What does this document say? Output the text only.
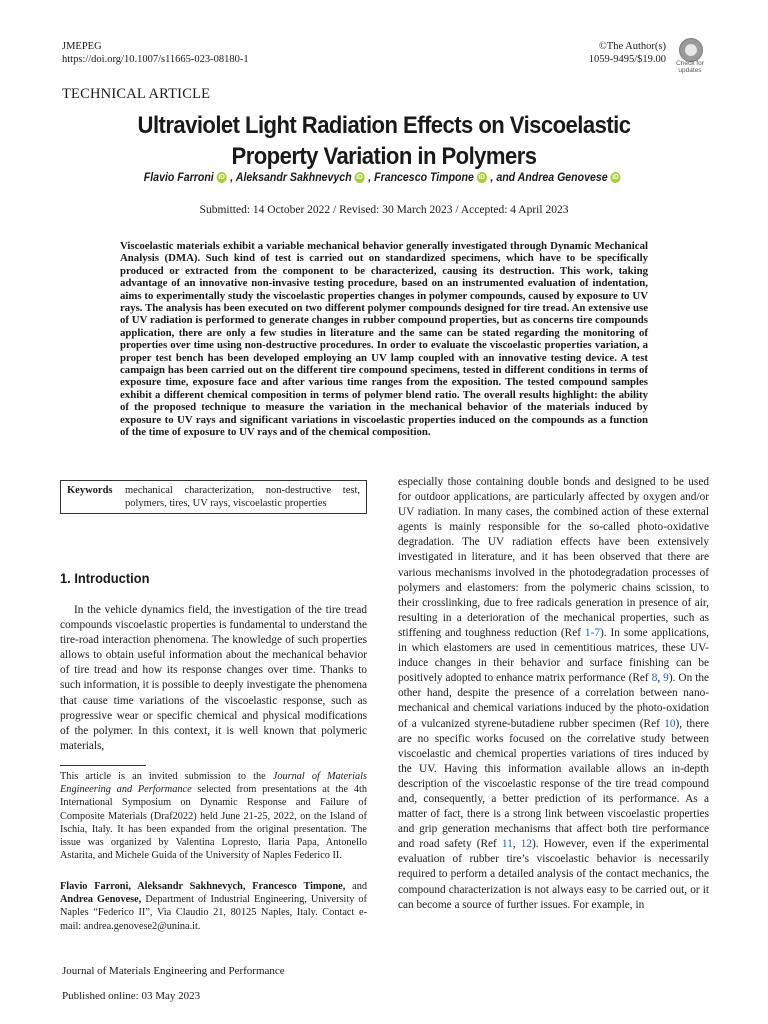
JMEPEG
https://doi.org/10.1007/s11665-023-08180-1
©The Author(s)
1059-9495/$19.00	Check for
updates
TECHNICAL ARTICLE
Ultraviolet Light Radiation Effects on Viscoelastic
Property Variation in Polymers
Flavio Farroni iD , Aleksandr Sakhnevych iD , Francesco Timpone iD , and Andrea Genovese iD
Submitted: 14 October 2022 / Revised: 30 March 2023 / Accepted: 4 April 2023
Viscoelastic materials exhibit a variable mechanical behavior generally investigated through Dynamic Mechanical Analysis (DMA). Such kind of test is carried out on standardized specimens, which have to be specifically produced or extracted from the component to be characterized, causing its destruction. This work, taking advantage of an innovative non-invasive testing procedure, based on an instrumented evaluation of indentation, aims to experimentally study the viscoelastic properties changes in polymer compounds, caused by exposure to UV rays. The analysis has been executed on two different polymer compounds designed for tire tread. An extensive use of UV radiation is performed to generate changes in rubber compound properties, but as concerns tire compounds application, there are only a few studies in literature and the same can be stated regarding the monitoring of properties over time using non-destructive procedures. In order to evaluate the viscoelastic properties variation, a proper test bench has been developed employing an UV lamp coupled with an innovative testing device. A test campaign has been carried out on the different tire compound specimens, tested in different conditions in terms of exposure time, exposure face and after various time ranges from the exposition. The tested compound samples exhibit a different chemical composition in terms of polymer blend ratio. The overall results highlight: the ability of the proposed technique to measure the variation in the mechanical behavior of the materials induced by exposure to UV rays and significant variations in viscoelastic properties induced on the compounds as a function of the time of exposure to UV rays and of the chemical composition.
Keywords	mechanical characterization, non-destructive test, polymers, tires, UV rays, viscoelastic properties
1. Introduction

In the vehicle dynamics field, the investigation of the tire tread compounds viscoelastic properties is fundamental to understand the tire-road interaction phenomena. The knowledge of such properties allows to obtain useful information about the mechanical behavior of tire tread and how its response changes over time. Thanks to such information, it is possible to deeply investigate the phenomena that cause time variations of the viscoelastic response, such as progressive wear or specific chemical and physical modifications of the polymer. In this context, it is well known that polymeric materials,

This article is an invited submission to the Journal of Materials Engineering and Performance selected from presentations at the 4th International Symposium on Dynamic Response and Failure of Composite Materials (Draf2022) held June 21-25, 2022, on the Island of Ischia, Italy. It has been expanded from the original presentation. The issue was organized by Valentina Lopresto, Ilaria Papa, Antonello Astarita, and Michele Guida of the University of Naples Federico II.
Flavio Farroni, Aleksandr Sakhnevych, Francesco Timpone, and Andrea Genovese, Department of Industrial Engineering, University of Naples “Federico II”, Via Claudio 21, 80125 Naples, Italy. Contact e-mail: andrea.genovese2@unina.it.

especially those containing double bonds and designed to be used for outdoor applications, are particularly affected by oxygen and/or UV radiation. In many cases, the combined action of these external agents is mainly responsible for the so-called photo-oxidative degradation. The UV radiation effects have been extensively investigated in literature, and it has been observed that there are various mechanisms involved in the photodegradation processes of polymers and elastomers: from the polymeric chains scission, to their crosslinking, due to free radicals generation in presence of air, resulting in a deterioration of the mechanical properties, such as stiffening and toughness reduction (Ref 1-7). In some applications, in which elastomers are used in cementitious matrices, these UV-induce changes in their behavior and surface finishing can be positively adopted to enhance matrix performance (Ref 8, 9). On the other hand, despite the presence of a correlation between nano-mechanical and chemical variations induced by the photo-oxidation of a vulcanized styrene-butadiene rubber specimen (Ref 10), there are no specific works focused on the correlative study between viscoelastic and chemical properties variations of tires induced by the UV. Having this information available allows an in-depth description of the viscoelastic response of the tire tread compound and, consequently, a better prediction of its performance. As a matter of fact, there is a strong link between viscoelastic properties and grip generation mechanisms that affect both tire performance and road safety (Ref 11, 12). However, even if the experimental evaluation of rubber tire’s viscoelastic behavior is necessarily required to perform a detailed analysis of the contact mechanics, the compound characterization is not always easy to be carried out, or it can become a source of further issues. For example, in

Journal of Materials Engineering and Performance
Published online: 03 May 2023
